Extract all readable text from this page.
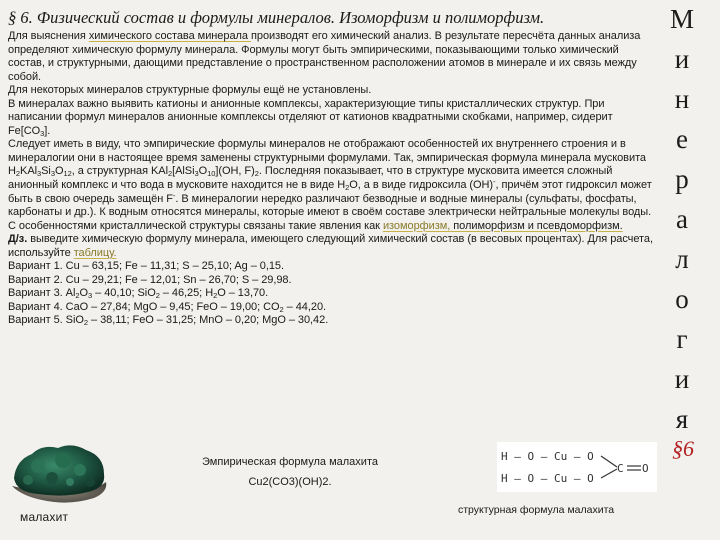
§ 6. Физический состав и формулы минералов. Изоморфизм и полиморфизм.

Для выяснения химического состава минерала производят его химический анализ. В результате пересчёта данных анализа определяют химическую формулу минерала. Формулы могут быть эмпирическими, показывающими только химический состав, и структурными, дающими представление о пространственном расположении атомов в минерале и их связь между собой.

Для некоторых минералов структурные формулы ещё не установлены.

В минералах важно выявить катионы и анионные комплексы, характеризующие типы кристаллических структур. При написании формул минералов анионные комплексы отделяют от катионов квадратными скобками, например, сидерит $Fe[CO_3]$.

Следует иметь в виду, что эмпирические формулы минералов не отображают особенностей их внутреннего строения и в минералогии они в настоящее время заменены структурными формулами. Так, эмпирическая формула минерала мусковита $H_2KAl_3Si_3O_{12}$, а структурная $KAl_2[AlSi_3O_{10}](OH$, $F)_2$. Последняя показывает, что в структуре мусковита имеется сложный анионный комплекс и что вода в мусковите находится не в виде $H_2O$, а в виде гидроксила (OH)-, причём этот гидроксил может быть в свою очередь замещён F-. В минералогии нередко различают безводные и водные минералы (сульфаты, фосфаты, карбонаты и др.). К водным относятся минералы, которые имеют в своём составе электрически нейтральные молекулы воды.

С особенностями кристаллической структуры связаны такие явления как изоморфизм, полиморфизм и псевдоморфизм.

Д/з. выведите химическую формулу минерала, имеющего следующий химический состав (в весовых процентах). Для расчета, используйте таблицу.

Вариант 1. Cu – 63,15; Fe – 11,31; S – 25,10; Ag – 0,15.

Вариант 2. Cu – 29,21; Fe – 12,01; Sn – 26,70; S – 29,98.

Вариант 3. $Al_2O_3 - 40,10$; SiO$_2$ – 46,25; $H_2O - 13,70$.

Вариант 4. CaO – 27,84; MgO – 9,45; FeO – 19,00; $CO_2 - 44,20$.

Вариант 5. SiO$_2$ – 38,11; FeO – 31,25; MnO – 0,20; MgO – 30,42.

М
и
н
е
р
а
л
о
г
и
я
§6
малахит
Эмпирическая формула малахита
Cu2(CO3)(OH)2.
H – O – Cu – O
H – O – Cu – O
C O
структурная формула малахита
